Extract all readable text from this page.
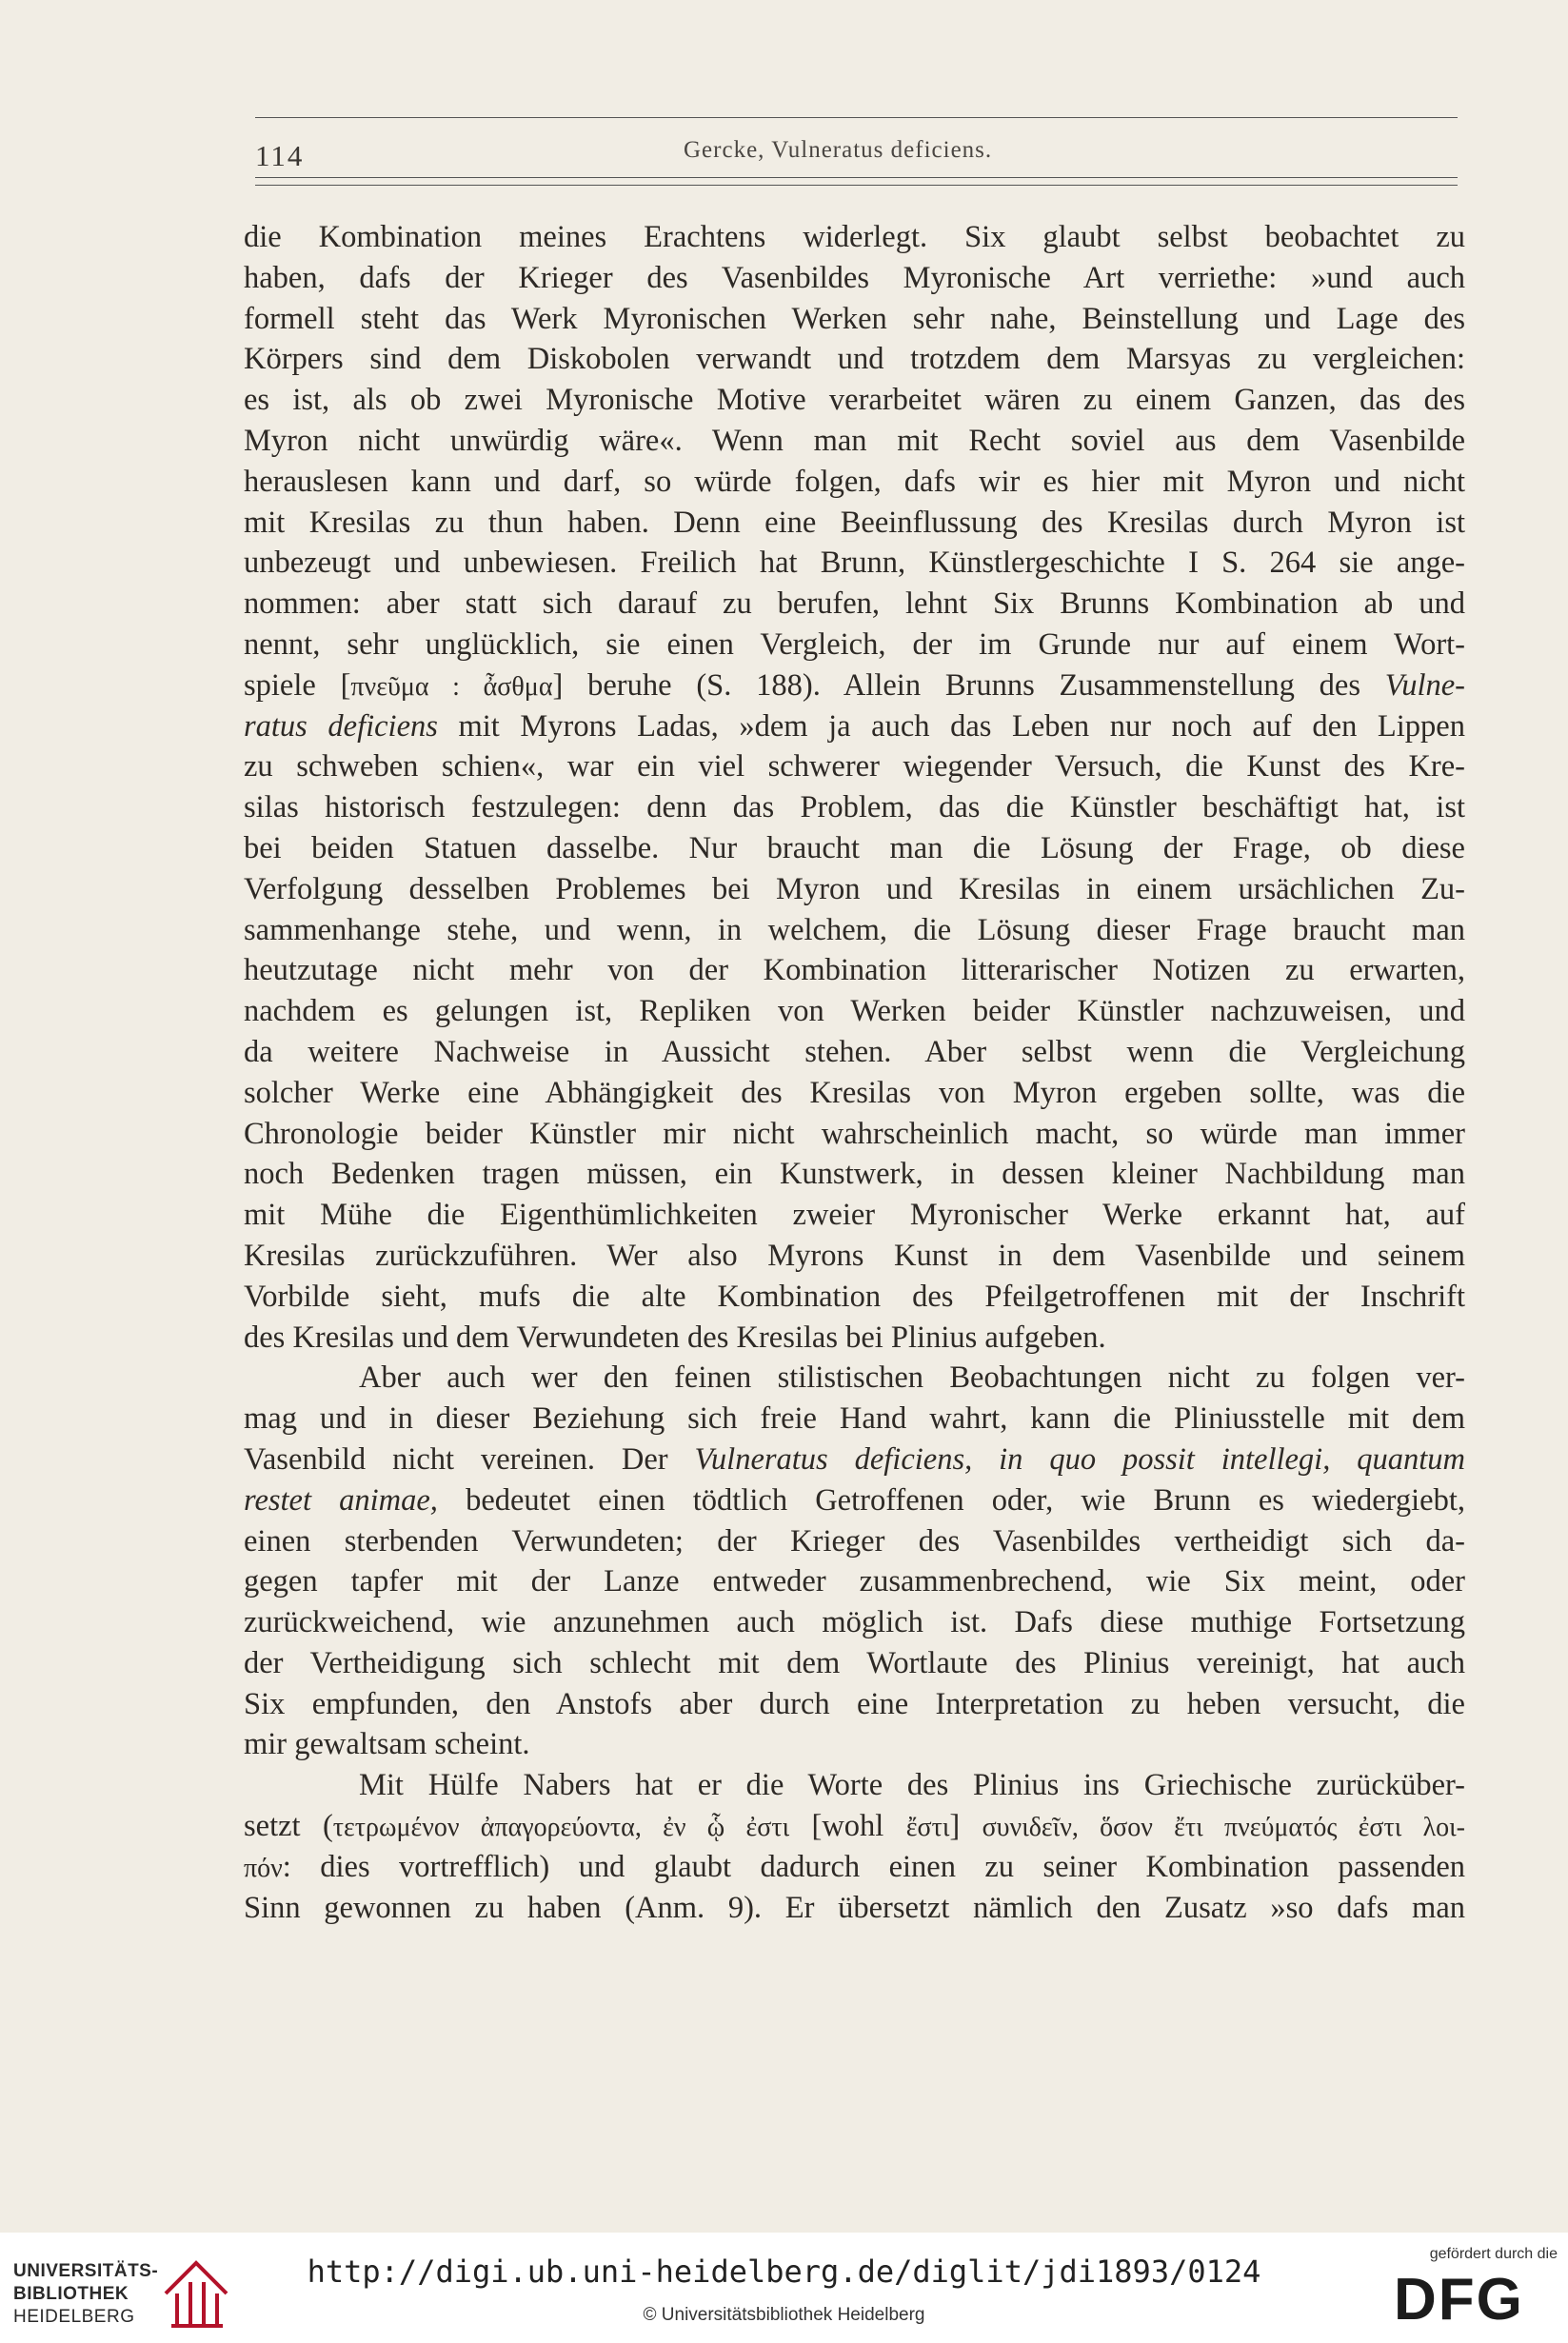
114	Gercke, Vulneratus deficiens.
die Kombination meines Erachtens widerlegt. Six glaubt selbst beobachtet zu
haben, dafs der Krieger des Vasenbildes Myronische Art verriethe: »und auch
formell steht das Werk Myronischen Werken sehr nahe, Beinstellung und Lage des
Körpers sind dem Diskobolen verwandt und trotzdem dem Marsyas zu vergleichen:
es ist, als ob zwei Myronische Motive verarbeitet wären zu einem Ganzen, das des
Myron nicht unwürdig wäre«. Wenn man mit Recht soviel aus dem Vasenbilde
herauslesen kann und darf, so würde folgen, dafs wir es hier mit Myron und nicht
mit Kresilas zu thun haben. Denn eine Beeinflussung des Kresilas durch Myron ist
unbezeugt und unbewiesen. Freilich hat Brunn, Künstlergeschichte I S. 264 sie ange-
nommen: aber statt sich darauf zu berufen, lehnt Six Brunns Kombination ab und
nennt, sehr unglücklich, sie einen Vergleich, der im Grunde nur auf einem Wort-
spiele [πνεῦμα : ἆσθμα] beruhe (S. 188). Allein Brunns Zusammenstellung des Vulne-
ratus deficiens mit Myrons Ladas, »dem ja auch das Leben nur noch auf den Lippen
zu schweben schien«, war ein viel schwerer wiegender Versuch, die Kunst des Kre-
silas historisch festzulegen: denn das Problem, das die Künstler beschäftigt hat, ist
bei beiden Statuen dasselbe. Nur braucht man die Lösung der Frage, ob diese
Verfolgung desselben Problemes bei Myron und Kresilas in einem ursächlichen Zu-
sammenhange stehe, und wenn, in welchem, die Lösung dieser Frage braucht man
heutzutage nicht mehr von der Kombination litterarischer Notizen zu erwarten,
nachdem es gelungen ist, Repliken von Werken beider Künstler nachzuweisen, und
da weitere Nachweise in Aussicht stehen. Aber selbst wenn die Vergleichung
solcher Werke eine Abhängigkeit des Kresilas von Myron ergeben sollte, was die
Chronologie beider Künstler mir nicht wahrscheinlich macht, so würde man immer
noch Bedenken tragen müssen, ein Kunstwerk, in dessen kleiner Nachbildung man
mit Mühe die Eigenthümlichkeiten zweier Myronischer Werke erkannt hat, auf
Kresilas zurückzuführen. Wer also Myrons Kunst in dem Vasenbilde und seinem
Vorbilde sieht, mufs die alte Kombination des Pfeilgetroffenen mit der Inschrift
des Kresilas und dem Verwundeten des Kresilas bei Plinius aufgeben.
Aber auch wer den feinen stilistischen Beobachtungen nicht zu folgen ver-
mag und in dieser Beziehung sich freie Hand wahrt, kann die Pliniusstelle mit dem
Vasenbild nicht vereinen. Der Vulneratus deficiens, in quo possit intellegi, quantum
restet animae, bedeutet einen tödtlich Getroffenen oder, wie Brunn es wiedergiebt,
einen sterbenden Verwundeten; der Krieger des Vasenbildes vertheidigt sich da-
gegen tapfer mit der Lanze entweder zusammenbrechend, wie Six meint, oder
zurückweichend, wie anzunehmen auch möglich ist. Dafs diese muthige Fortsetzung
der Vertheidigung sich schlecht mit dem Wortlaute des Plinius vereinigt, hat auch
Six empfunden, den Anstofs aber durch eine Interpretation zu heben versucht, die
mir gewaltsam scheint.
Mit Hülfe Nabers hat er die Worte des Plinius ins Griechische zurücküber-
setzt (τετρωμένον ἀπαγορεύοντα, ἐν ᾧ ἐστι [wohl ἔστι] συνιδεῖν, ὅσον ἔτι πνεύματός ἐστι λοι-
πόν: dies vortrefflich) und glaubt dadurch einen zu seiner Kombination passenden
Sinn gewonnen zu haben (Anm. 9). Er übersetzt nämlich den Zusatz »so dafs man
UNIVERSITÄTS-
BIBLIOTHEK
HEIDELBERG
http://digi.ub.uni-heidelberg.de/diglit/jdi1893/0124
© Universitätsbibliothek Heidelberg
gefördert durch die
DFG
